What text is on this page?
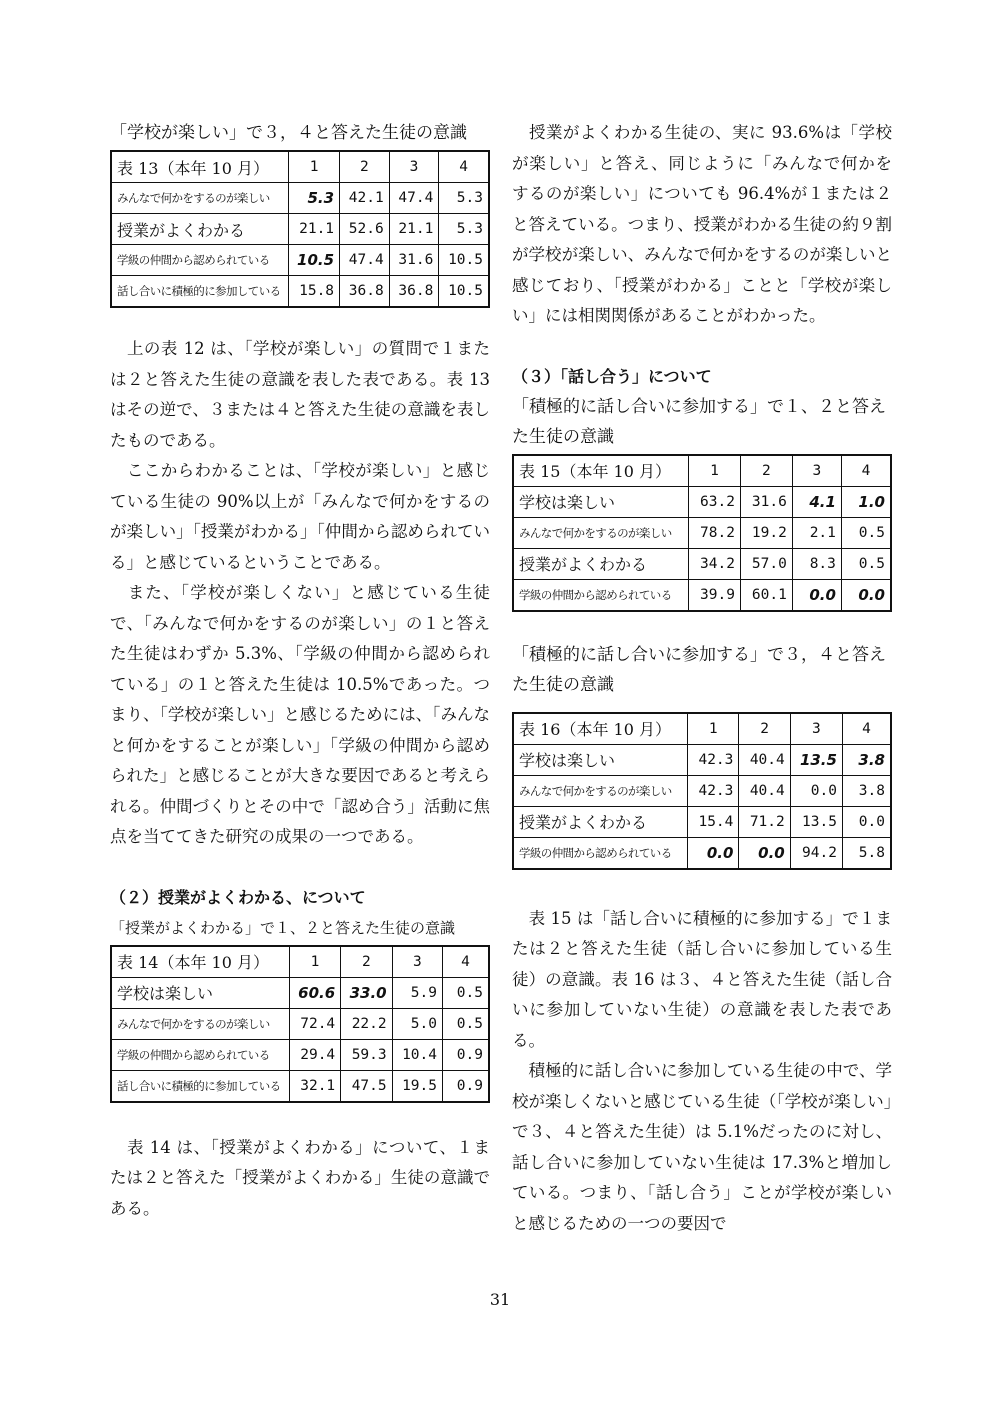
「学校が楽しい」で３，４と答えた生徒の意識

表 13（本年 10 月）	1	2	3	4
みんなで何かをするのが楽しい	5.3	42.1	47.4	5.3
授業がよくわかる	21.1	52.6	21.1	5.3
学級の仲間から認められている	10.5	47.4	31.6	10.5
話し合いに積極的に参加している	15.8	36.8	36.8	10.5

　上の表 12 は、「学校が楽しい」の質問で１または２と答えた生徒の意識を表した表である。表 13 はその逆で、３または４と答えた生徒の意識を表したものである。

　ここからわかることは、「学校が楽しい」と感じている生徒の 90%以上が「みんなで何かをするのが楽しい」「授業がわかる」「仲間から認められている」と感じているということである。

　また、「学校が楽しくない」と感じている生徒で、「みんなで何かをするのが楽しい」の１と答えた生徒はわずか 5.3%、「学級の仲間から認められている」の１と答えた生徒は 10.5%であった。つまり、「学校が楽しい」と感じるためには、「みんなと何かをすることが楽しい」「学級の仲間から認められた」と感じることが大きな要因であると考えられる。仲間づくりとその中で「認め合う」活動に焦点を当ててきた研究の成果の一つである。

（２）授業がよくわかる、について

「授業がよくわかる」で１、２と答えた生徒の意識

表 14（本年 10 月）	1	2	3	4
学校は楽しい	60.6	33.0	5.9	0.5
みんなで何かをするのが楽しい	72.4	22.2	5.0	0.5
学級の仲間から認められている	29.4	59.3	10.4	0.9
話し合いに積極的に参加している	32.1	47.5	19.5	0.9

　表 14 は、「授業がよくわかる」について、１または２と答えた「授業がよくわかる」生徒の意識である。

　授業がよくわかる生徒の、実に 93.6%は「学校が楽しい」と答え、同じように「みんなで何かをするのが楽しい」についても 96.4%が１または２と答えている。つまり、授業がわかる生徒の約９割が学校が楽しい、みんなで何かをするのが楽しいと感じており、「授業がわかる」ことと「学校が楽しい」には相関関係があることがわかった。

（３）「話し合う」について

「積極的に話し合いに参加する」で１、２と答えた生徒の意識

表 15（本年 10 月）	1	2	3	4
学校は楽しい	63.2	31.6	4.1	1.0
みんなで何かをするのが楽しい	78.2	19.2	2.1	0.5
授業がよくわかる	34.2	57.0	8.3	0.5
学級の仲間から認められている	39.9	60.1	0.0	0.0

「積極的に話し合いに参加する」で３，４と答えた生徒の意識

表 16（本年 10 月）	1	2	3	4
学校は楽しい	42.3	40.4	13.5	3.8
みんなで何かをするのが楽しい	42.3	40.4	0.0	3.8
授業がよくわかる	15.4	71.2	13.5	0.0
学級の仲間から認められている	0.0	0.0	94.2	5.8

　表 15 は「話し合いに積極的に参加する」で１または２と答えた生徒（話し合いに参加している生徒）の意識。表 16 は３、４と答えた生徒（話し合いに参加していない生徒）の意識を表した表である。

　積極的に話し合いに参加している生徒の中で、学校が楽しくないと感じている生徒（「学校が楽しい」で３、４と答えた生徒）は 5.1%だったのに対し、話し合いに参加していない生徒は 17.3%と増加している。つまり、「話し合う」ことが学校が楽しいと感じるための一つの要因で

31
